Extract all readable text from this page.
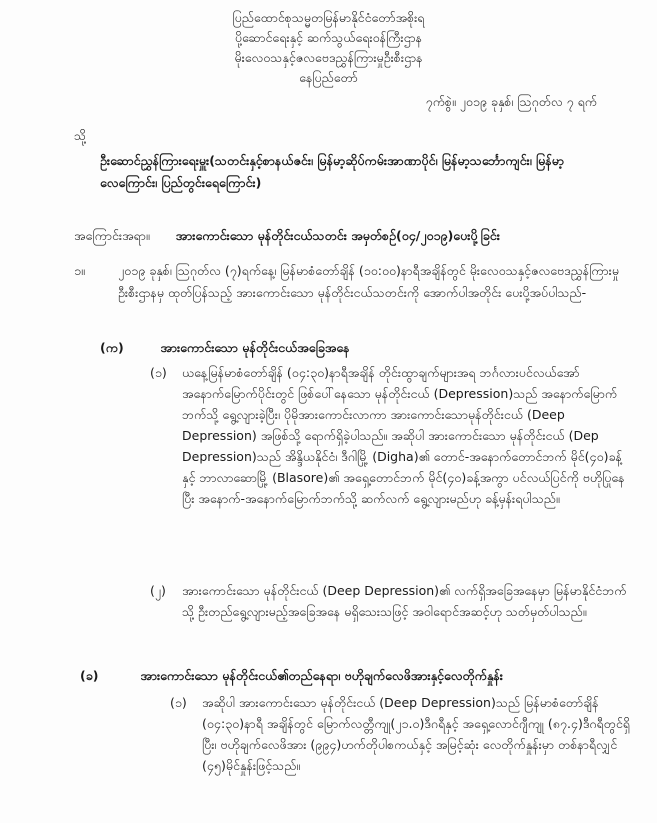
ပြည်ထောင်စုသမ္မတမြန်မာနိုင်ငံတော်အစိုးရ
ပို့ဆောင်ရေးနှင့် ဆက်သွယ်ရေးဝန်ကြီးဌာန
မိုးလေဝသနှင့်ဇလဗေဒညွှန်ကြားမှုဦးစီးဌာန
နေပြည်တော်
၇က်စွဲ။ ၂၀၁၉ ခုနှစ်၊ ဩဂုတ်လ ၇ ရက်
သို့
ဦးဆောင်ညွှန်ကြားရေးမှူး(သတင်းနှင့်စာနယ်ဇင်း၊ မြန်မာ့ဆိုပ်ကမ်းအာဏာပိုင်၊ မြန်မာ့သင်္ဘောကျင်း၊ မြန်မာ့လေကြောင်း၊ ပြည်တွင်းရေကြောင်း)
အကြောင်းအရာ။ အားကောင်းသော မုန်တိုင်းငယ်သတင်း အမှတ်စဉ်(၀၄/၂၀၁၉)ပေးပို့ခြင်း
၁။	၂၀၁၉ ခုနှစ်၊ ဩဂုတ်လ (၇)ရက်နေ့၊ မြန်မာစံတော်ချိန် (၁၀:၀၀)နာရီအချိန်တွင် မိုးလေဝသနှင့်ဇလဗေဒညွှန်ကြားမှုဦးစီးဌာနမှ ထုတ်ပြန်သည့် အားကောင်းသော မုန်တိုင်းငယ်သတင်းကို အောက်ပါအတိုင်း ပေးပို့အပ်ပါသည်-
(က)	အားကောင်းသော မုန်တိုင်းငယ်အခြေအနေ
(၁) ယနေ့မြန်မာစံတော်ချိန် (၀၄:၃၀)နာရီအချိန် တိုင်းထွာချက်များအရ ဘင်္ဂလားပင်လယ်အော် အနောက်မြောက်ပိုင်းတွင် ဖြစ်ပေါ်နေသော မုန်တိုင်းငယ် (Depression)သည် အနောက်မြောက်ဘက်သို့ ရွေ့လျားခဲ့ပြီး၊ ပိုမိုအားကောင်းလာကာ အားကောင်းသောမုန်တိုင်းငယ် (Deep Depression) အဖြစ်သို့ ရောက်ရှိခဲ့ပါသည်။ အဆိုပါ အားကောင်းသော မုန်တိုင်းငယ် (Dep Depression)သည် အိန္ဒိယနိုင်ငံ၊ ဒီဂါမြို့ (Digha)၏ တောင်-အနောက်တောင်ဘက် မိုင်(၄၀)ခန့်နှင့် ဘာလာဆောမြို့ (Blasore)၏ အရှေ့တောင်ဘက် မိုင်(၄၀)ခန့်အကွာ ပင်လယ်ပြင်ကို ဗဟိုပြုနေပြီး အနောက်-အနောက်မြောက်ဘက်သို့ ဆက်လက် ရွေ့လျားမည်ဟု ခန့်မှန်းရပါသည်။
(၂) အားကောင်းသော မုန်တိုင်းငယ် (Deep Depression)၏ လက်ရှိအခြေအနေမှာ မြန်မာနိုင်ငံဘက်သို့ ဦးတည်ရွေ့လျားမည့်အခြေအနေ မရှိသေးသဖြင့် အဝါရောင်အဆင့်ဟု သတ်မှတ်ပါသည်။
(ခ)	အားကောင်းသော မုန်တိုင်းငယ်၏တည်နေရာ၊ ဗဟိုချက်လေဖိအားနှင့်လေတိုက်နှုန်း
(၁) အဆိုပါ အားကောင်းသော မုန်တိုင်းငယ် (Deep Depression)သည် မြန်မာစံတော်ချိန် (၀၄:၃၀)နာရီ အချိန်တွင် မြောက်လတ္တီကျု(၂၁.၀)ဒီဂရီနှင့် အရှေ့လောင်ဂျီကျု (၈၇.၄)ဒီဂရီတွင်ရှိပြီး၊ ဗဟိုချက်လေဖိအား (၉၉၄)ဟက်တိုပါစကယ်နှင့် အမြင့်ဆုံး လေတိုက်နှုန်းမှာ တစ်နာရီလျှင် (၄၅)မိုင်နှုန်းဖြင့်သည်။
